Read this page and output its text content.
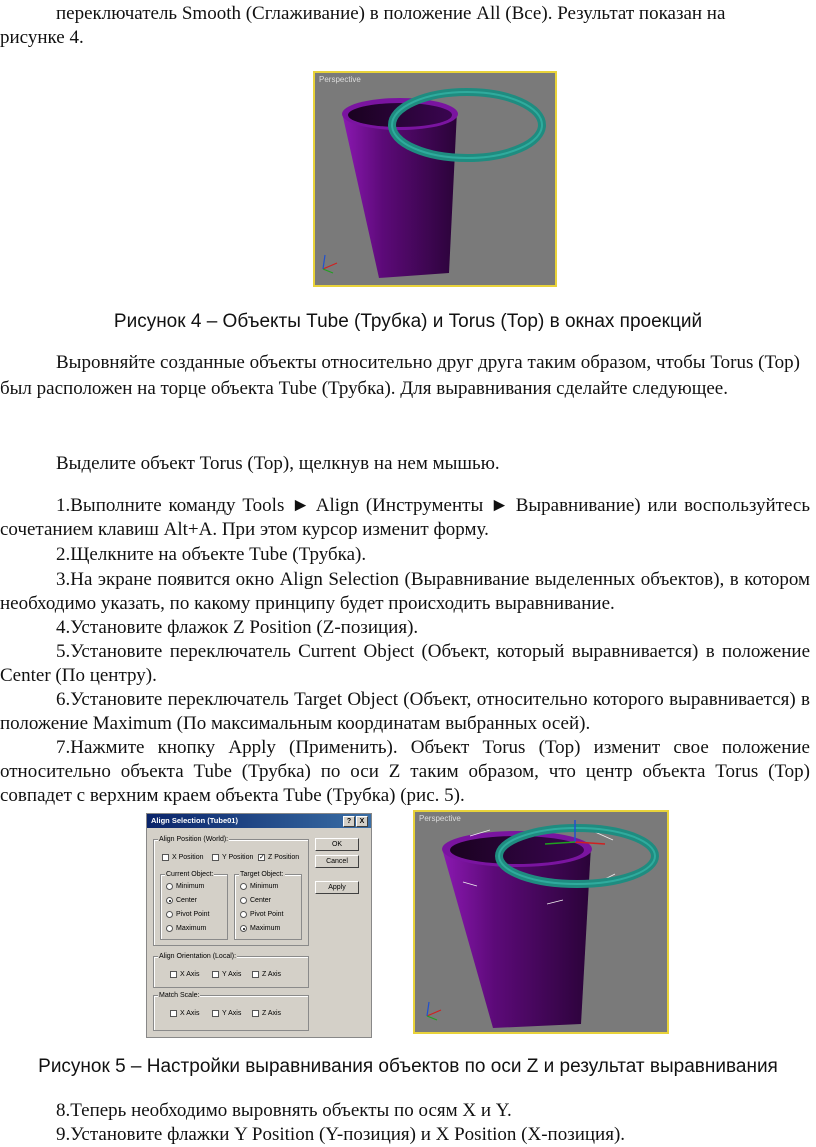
переключатель Smooth (Сглаживание) в положение All (Все). Результат показан на
рисунке 4.

Perspective
Рисунок 4 – Объекты Tube (Трубка) и Torus (Тор) в окнах проекций

Выровняйте созданные объекты относительно друг друга таким образом, чтобы Torus (Тор) был расположен на торце объекта Tube (Трубка). Для выравнивания сделайте следующее.

Выделите объект Torus (Тор), щелкнув на нем мышью.

1.Выполните команду Tools ► Align (Инструменты ► Выравнивание) или воспользуйтесь сочетанием клавиш Alt+A. При этом курсор изменит форму.

2.Щелкните на объекте Tube (Трубка).

3.На экране появится окно Align Selection (Выравнивание выделенных объектов), в котором необходимо указать, по какому принципу будет происходить выравнивание.

4.Установите флажок Z Position (Z-позиция).

5.Установите переключатель Current Object (Объект, который выравнивается) в положение Center (По центру).

6.Установите переключатель Target Object (Объект, относительно которого выравнивается) в положение Maximum (По максимальным координатам выбранных осей).

7.Нажмите кнопку Apply (Применить). Объект Torus (Тор) изменит свое положение относительно объекта Tube (Трубка) по оси Z таким образом, что центр объекта Torus (Тор) совпадет с верхним краем объекта Tube (Трубка) (рис. 5).

Align Selection (Tube01)	?	X
Align Position (World):
X Position	Y Position ✓ Z Position
Current Object:
Minimum
Center
Pivot Point
Maximum
Target Object:
Minimum
Center
Pivot Point
Maximum
Align Orientation (Local):
X Axis	Y Axis	Z Axis
Match Scale:
X Axis	Y Axis	Z Axis
OK
Cancel
Apply
Perspective
Рисунок 5 – Настройки выравнивания объектов по оси Z и результат выравнивания

8.Теперь необходимо выровнять объекты по осям X и Y.

9.Установите флажки Y Position (Y-позиция) и X Position (X-позиция).
